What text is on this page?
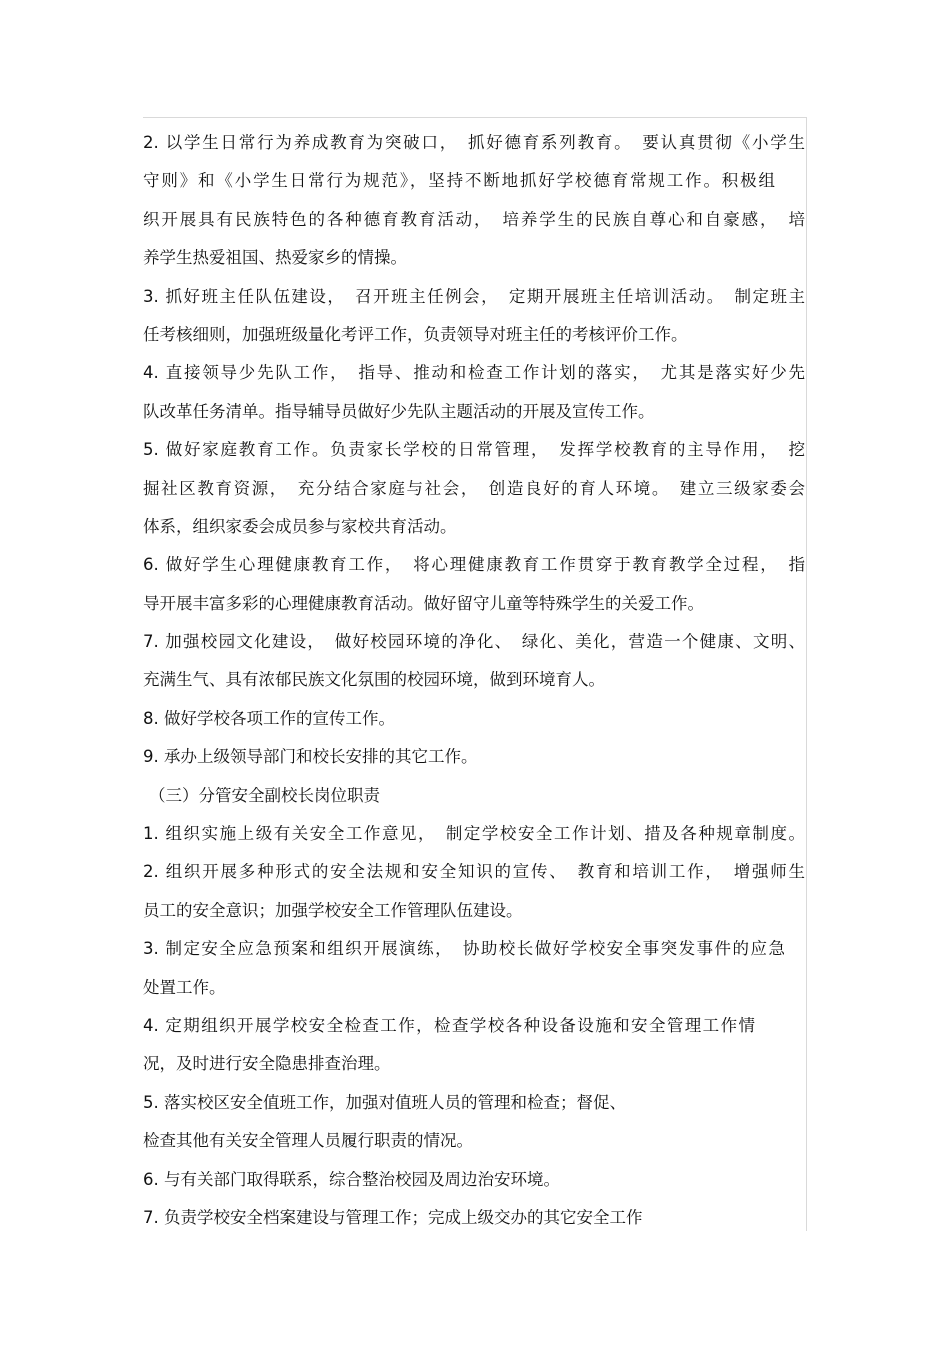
2. 以学生日常行为养成教育为突破口，　抓好德育系列教育。　要认真贯彻《小学生
守则》和《小学生日常行为规范》，坚持不断地抓好学校德育常规工作。积极组
织开展具有民族特色的各种德育教育活动，　培养学生的民族自尊心和自豪感，　培
养学生热爱祖国、热爱家乡的情操。
3. 抓好班主任队伍建设，　召开班主任例会，　定期开展班主任培训活动。　制定班主
任考核细则，加强班级量化考评工作，负责领导对班主任的考核评价工作。
4. 直接领导少先队工作，　指导、推动和检查工作计划的落实，　尤其是落实好少先
队改革任务清单。指导辅导员做好少先队主题活动的开展及宣传工作。
5. 做好家庭教育工作。负责家长学校的日常管理，　发挥学校教育的主导作用，　挖
掘社区教育资源，　充分结合家庭与社会，　创造良好的育人环境。　建立三级家委会
体系，组织家委会成员参与家校共育活动。
6. 做好学生心理健康教育工作，　将心理健康教育工作贯穿于教育教学全过程，　指
导开展丰富多彩的心理健康教育活动。做好留守儿童等特殊学生的关爱工作。
7. 加强校园文化建设，　做好校园环境的净化、　绿化、美化，营造一个健康、文明、
充满生气、具有浓郁民族文化氛围的校园环境，做到环境育人。
8. 做好学校各项工作的宣传工作。
9. 承办上级领导部门和校长安排的其它工作。
（三）分管安全副校长岗位职责
1. 组织实施上级有关安全工作意见，　制定学校安全工作计划、措及各种规章制度。
2. 组织开展多种形式的安全法规和安全知识的宣传、　教育和培训工作，　增强师生
员工的安全意识；加强学校安全工作管理队伍建设。
3. 制定安全应急预案和组织开展演练，　协助校长做好学校安全事突发事件的应急
处置工作。
4. 定期组织开展学校安全检查工作，检查学校各种设备设施和安全管理工作情
况，及时进行安全隐患排查治理。
5. 落实校区安全值班工作，加强对值班人员的管理和检查；督促、
检查其他有关安全管理人员履行职责的情况。
6. 与有关部门取得联系，综合整治校园及周边治安环境。
7. 负责学校安全档案建设与管理工作；完成上级交办的其它安全工作
